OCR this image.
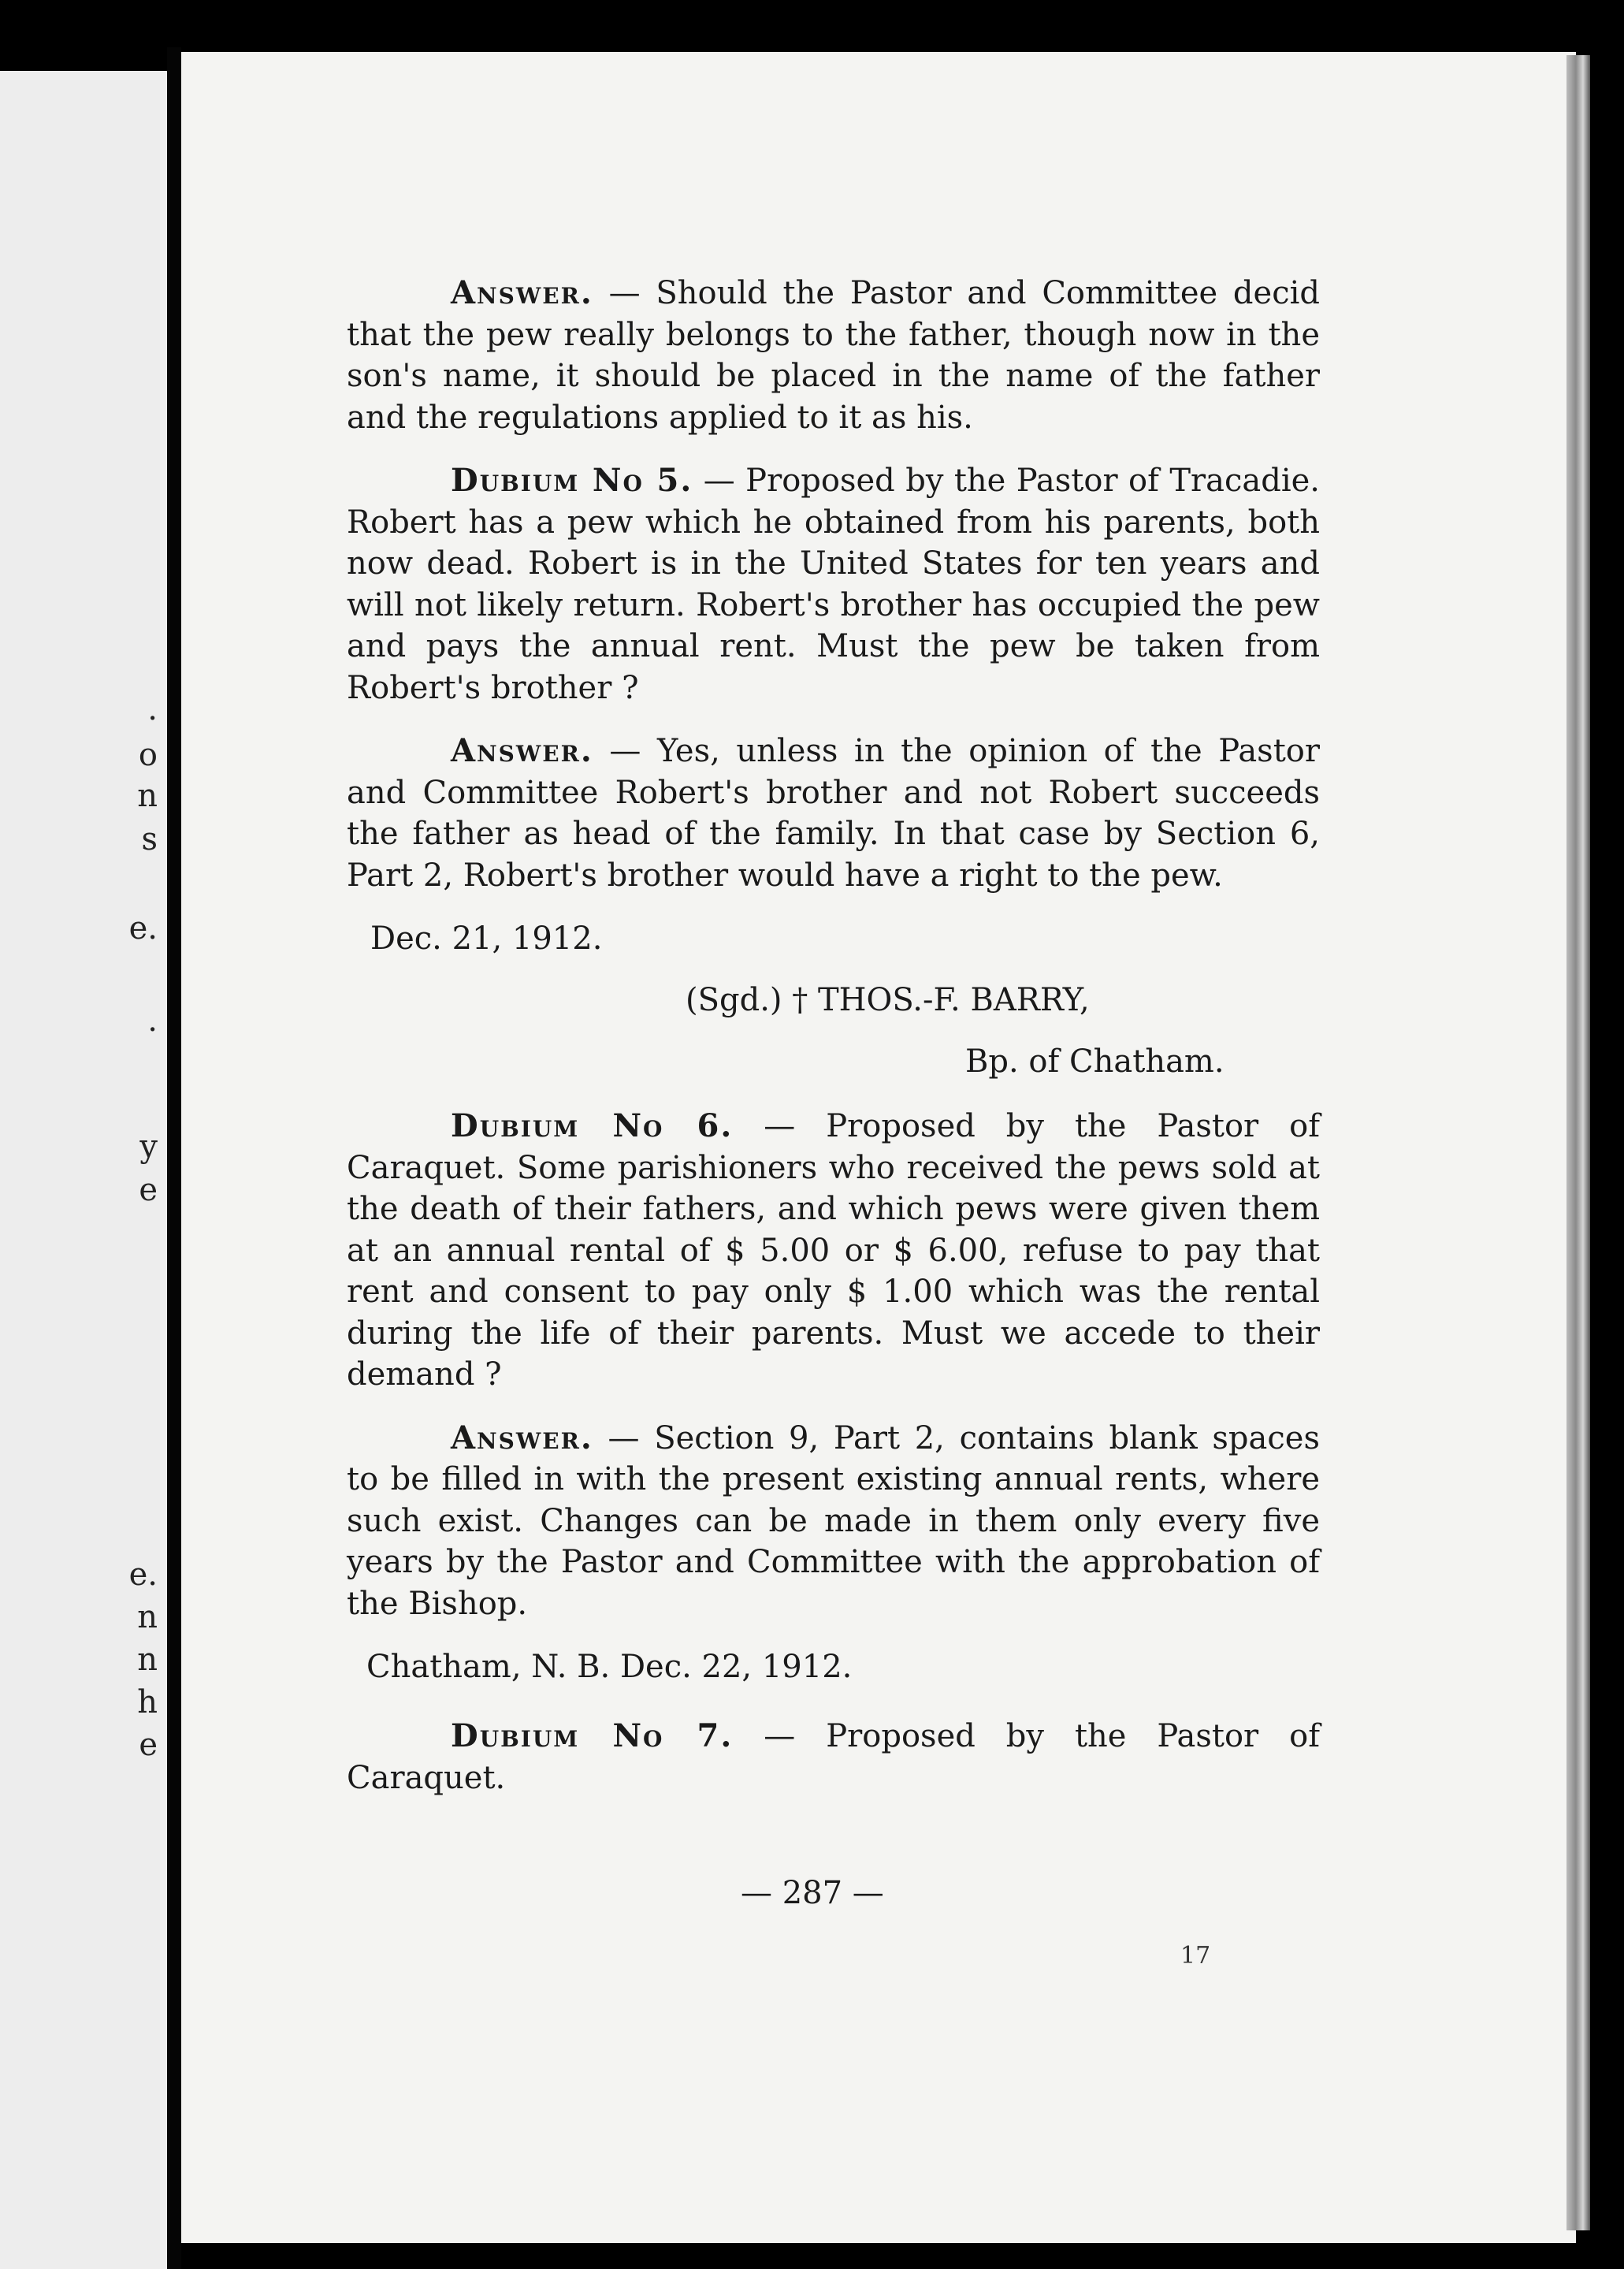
.
o
n
s
e.
.
y
e
e.
n
n
h
e

Answer. — Should the Pastor and Committee decid that the pew really belongs to the father, though now in the son's name, it should be placed in the name of the father and the regulations applied to it as his.

Dubium No 5. — Proposed by the Pastor of Tracadie. Robert has a pew which he obtained from his parents, both now dead. Robert is in the United States for ten years and will not likely return. Robert's brother has occupied the pew and pays the annual rent. Must the pew be taken from Robert's brother ?

Answer. — Yes, unless in the opinion of the Pastor and Committee Robert's brother and not Robert succeeds the father as head of the family. In that case by Section 6, Part 2, Robert's brother would have a right to the pew.

Dec. 21, 1912.
(Sgd.) † THOS.-F. BARRY,
Bp. of Chatham.

Dubium No 6. — Proposed by the Pastor of Caraquet. Some parishioners who received the pews sold at the death of their fathers, and which pews were given them at an annual rental of $ 5.00 or $ 6.00, refuse to pay that rent and consent to pay only $ 1.00 which was the rental during the life of their parents. Must we accede to their demand ?

Answer. — Section 9, Part 2, contains blank spaces to be filled in with the present existing annual rents, where such exist. Changes can be made in them only every five years by the Pastor and Committee with the approbation of the Bishop.

Chatham, N. B. Dec. 22, 1912.

Dubium No 7. — Proposed by the Pastor of Caraquet.

— 287 —
17
